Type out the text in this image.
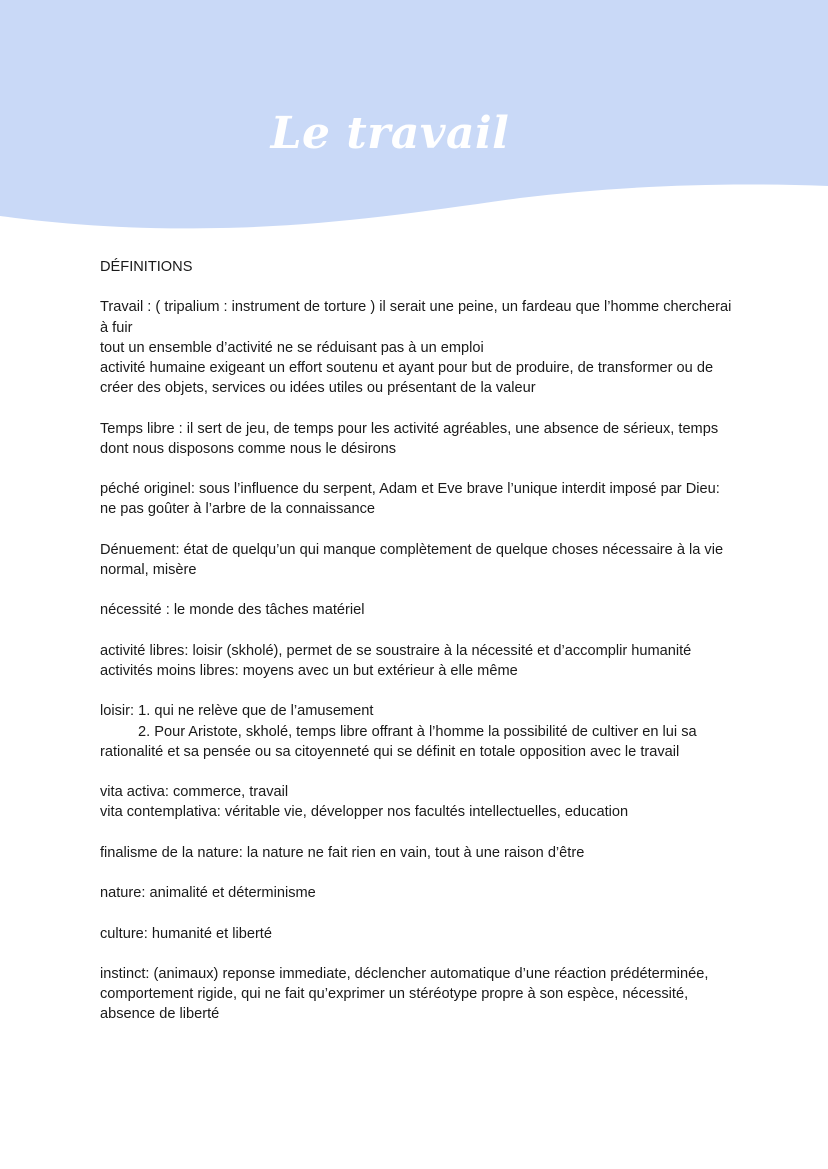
Le travail

DÉFINITIONS

Travail : ( tripalium : instrument de torture ) il serait une peine, un fardeau que l’homme chercherai à fuir
tout un ensemble d’activité ne se réduisant pas à un emploi
activité humaine exigeant un effort soutenu et ayant pour but de produire, de transformer ou de créer des objets, services ou idées utiles ou présentant de la valeur

Temps libre : il sert de jeu, de temps pour les activité agréables, une absence de sérieux, temps dont nous disposons comme nous le désirons

péché originel: sous l’influence du serpent, Adam et Eve brave l’unique interdit imposé par Dieu: ne pas goûter à l’arbre de la connaissance

Dénuement: état de quelqu’un qui manque complètement de quelque choses nécessaire à la vie normal, misère

nécessité : le monde des tâches matériel

activité libres: loisir (skholé), permet de se soustraire à la nécessité et d’accomplir humanité
activités moins libres: moyens avec un but extérieur à elle même

loisir: 1. qui ne relève que de l’amusement
2. Pour Aristote, skholé, temps libre offrant à l’homme la possibilité de cultiver en lui sa rationalité et sa pensée ou sa citoyenneté qui se définit en totale opposition avec le travail

vita activa: commerce, travail
vita contemplativa: véritable vie, développer nos facultés intellectuelles, education

finalisme de la nature: la nature ne fait rien en vain, tout à une raison d’être

nature: animalité et déterminisme

culture: humanité et liberté

instinct: (animaux) reponse immediate, déclencher automatique d’une réaction prédéterminée, comportement rigide, qui ne fait qu’exprimer un stéréotype propre à son espèce, nécessité, absence de liberté
